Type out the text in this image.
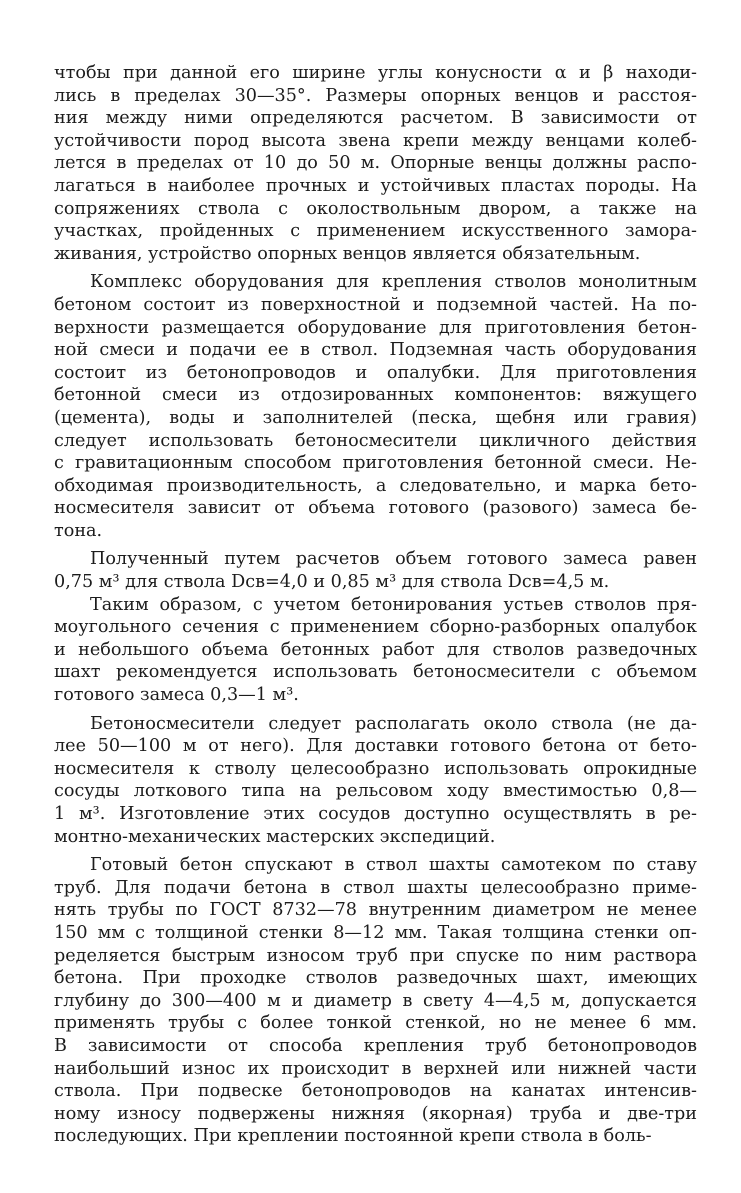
чтобы при данной его ширине углы конусности α и β находи-
лись в пределах 30—35°. Размеры опорных венцов и расстоя-
ния между ними определяются расчетом. В зависимости от
устойчивости пород высота звена крепи между венцами колеб-
лется в пределах от 10 до 50 м. Опорные венцы должны распо-
лагаться в наиболее прочных и устойчивых пластах породы. На
сопряжениях ствола с околоствольным двором, а также на
участках, пройденных с применением искусственного замора-
живания, устройство опорных венцов является обязательным.
Комплекс оборудования для крепления стволов монолитным
бетоном состоит из поверхностной и подземной частей. На по-
верхности размещается оборудование для приготовления бетон-
ной смеси и подачи ее в ствол. Подземная часть оборудования
состоит из бетонопроводов и опалубки. Для приготовления
бетонной смеси из отдозированных компонентов: вяжущего
(цемента), воды и заполнителей (песка, щебня или гравия)
следует использовать бетоносмесители цикличного действия
с гравитационным способом приготовления бетонной смеси. Не-
обходимая производительность, а следовательно, и марка бето-
носмесителя зависит от объема готового (разового) замеса бе-
тона.
Полученный путем расчетов объем готового замеса равен
0,75 м³ для ствола Dсв=4,0 и 0,85 м³ для ствола Dсв=4,5 м.
Таким образом, с учетом бетонирования устьев стволов пря-
моугольного сечения с применением сборно-разборных опалубок
и небольшого объема бетонных работ для стволов разведочных
шахт рекомендуется использовать бетоносмесители с объемом
готового замеса 0,3—1 м³.
Бетоносмесители следует располагать около ствола (не да-
лее 50—100 м от него). Для доставки готового бетона от бето-
носмесителя к стволу целесообразно использовать опрокидные
сосуды лоткового типа на рельсовом ходу вместимостью 0,8—
1 м³. Изготовление этих сосудов доступно осуществлять в ре-
монтно-механических мастерских экспедиций.
Готовый бетон спускают в ствол шахты самотеком по ставу
труб. Для подачи бетона в ствол шахты целесообразно приме-
нять трубы по ГОСТ 8732—78 внутренним диаметром не менее
150 мм с толщиной стенки 8—12 мм. Такая толщина стенки оп-
ределяется быстрым износом труб при спуске по ним раствора
бетона. При проходке стволов разведочных шахт, имеющих
глубину до 300—400 м и диаметр в свету 4—4,5 м, допускается
применять трубы с более тонкой стенкой, но не менее 6 мм.
В зависимости от способа крепления труб бетонопроводов
наибольший износ их происходит в верхней или нижней части
ствола. При подвеске бетонопроводов на канатах интенсив-
ному износу подвержены нижняя (якорная) труба и две-три
последующих. При креплении постоянной крепи ствола в боль-
